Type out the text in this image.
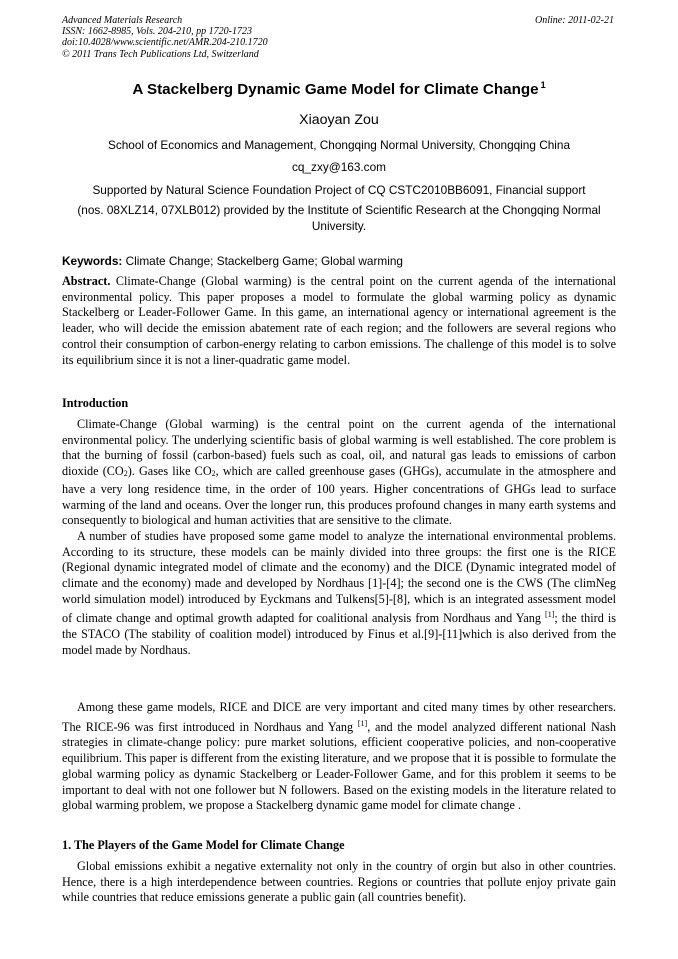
Advanced Materials Research
ISSN: 1662-8985, Vols. 204-210, pp 1720-1723
doi:10.4028/www.scientific.net/AMR.204-210.1720
© 2011 Trans Tech Publications Ltd, Switzerland
Online: 2011-02-21
A Stackelberg Dynamic Game Model for Climate Change $^1$
Xiaoyan Zou
School of Economics and Management, Chongqing Normal University, Chongqing China
cq_zxy@163.com
Supported by Natural Science Foundation Project of CQ CSTC2010BB6091, Financial support
(nos. 08XLZ14, 07XLB012) provided by the Institute of Scientific Research at the Chongqing Normal University.
Keywords: Climate Change; Stackelberg Game; Global warming

Abstract. Climate-Change (Global warming) is the central point on the current agenda of the international environmental policy. This paper proposes a model to formulate the global warming policy as dynamic Stackelberg or Leader-Follower Game. In this game, an international agency or international agreement is the leader, who will decide the emission abatement rate of each region; and the followers are several regions who control their consumption of carbon-energy relating to carbon emissions. The challenge of this model is to solve its equilibrium since it is not a liner-quadratic game model.

Introduction

Climate-Change (Global warming) is the central point on the current agenda of the international environmental policy. The underlying scientific basis of global warming is well established. The core problem is that the burning of fossil (carbon-based) fuels such as coal, oil, and natural gas leads to emissions of carbon dioxide $(CO_2)$. Gases like $CO_2$, which are called greenhouse gases (GHGs), accumulate in the atmosphere and have a very long residence time, in the order of 100 years. Higher concentrations of GHGs lead to surface warming of the land and oceans. Over the longer run, this produces profound changes in many earth systems and consequently to biological and human activities that are sensitive to the climate.

A number of studies have proposed some game model to analyze the international environmental problems. According to its structure, these models can be mainly divided into three groups: the first one is the RICE (Regional dynamic integrated model of climate and the economy) and the DICE (Dynamic integrated model of climate and the economy) made and developed by Nordhaus [1]-[4]; the second one is the CWS (The climNeg world simulation model) introduced by Eyckmans and Tulkens[5]-[8], which is an integrated assessment model of climate change and optimal growth adapted for coalitional analysis from Nordhaus and Yang [1]; the third is the STACO (The stability of coalition model) introduced by Finus et al.[9]-[11]which is also derived from the model made by Nordhaus.

Among these game models, RICE and DICE are very important and cited many times by other researchers. The RICE-96 was first introduced in Nordhaus and Yang [1], and the model analyzed different national Nash strategies in climate-change policy: pure market solutions, efficient cooperative policies, and non-cooperative equilibrium. This paper is different from the existing literature, and we propose that it is possible to formulate the global warming policy as dynamic Stackelberg or Leader-Follower Game, and for this problem it seems to be important to deal with not one follower but N followers. Based on the existing models in the literature related to global warming problem, we propose a Stackelberg dynamic game model for climate change .

1. The Players of the Game Model for Climate Change

Global emissions exhibit a negative externality not only in the country of orgin but also in other countries. Hence, there is a high interdependence between countries. Regions or countries that pollute enjoy private gain while countries that reduce emissions generate a public gain (all countries benefit).
